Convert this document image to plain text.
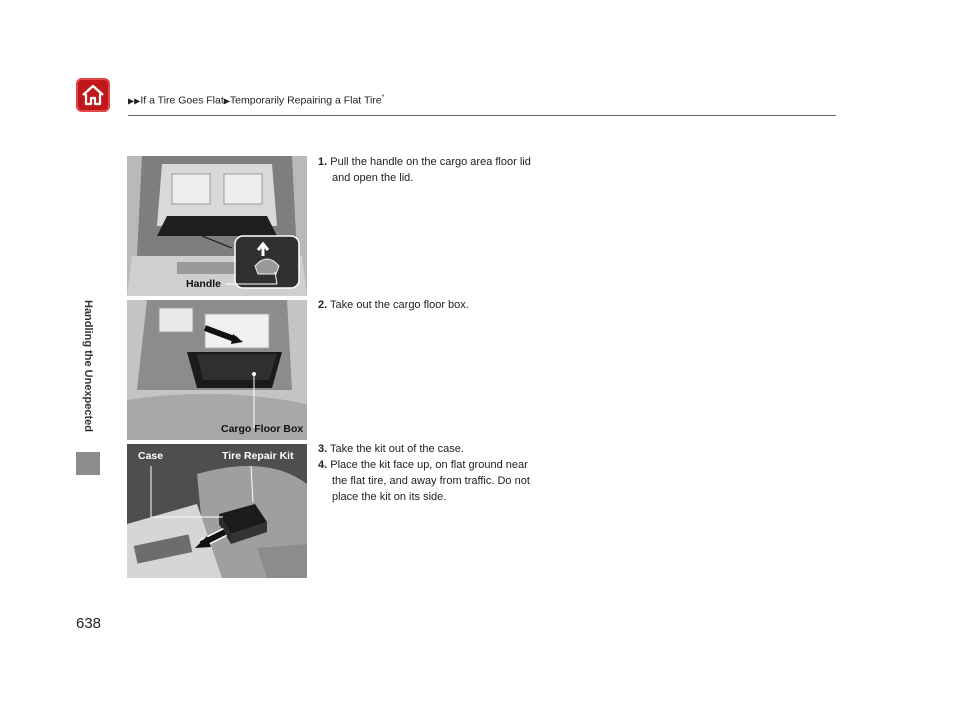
▶▶If a Tire Goes Flat▶Temporarily Repairing a Flat Tire*
Handling the Unexpected
638
Handle
Cargo Floor Box
Case	Tire Repair Kit
1. Pull the handle on the cargo area floor lid
and open the lid.
2. Take out the cargo floor box.
3. Take the kit out of the case.
4. Place the kit face up, on flat ground near
the flat tire, and away from traffic. Do not
place the kit on its side.
